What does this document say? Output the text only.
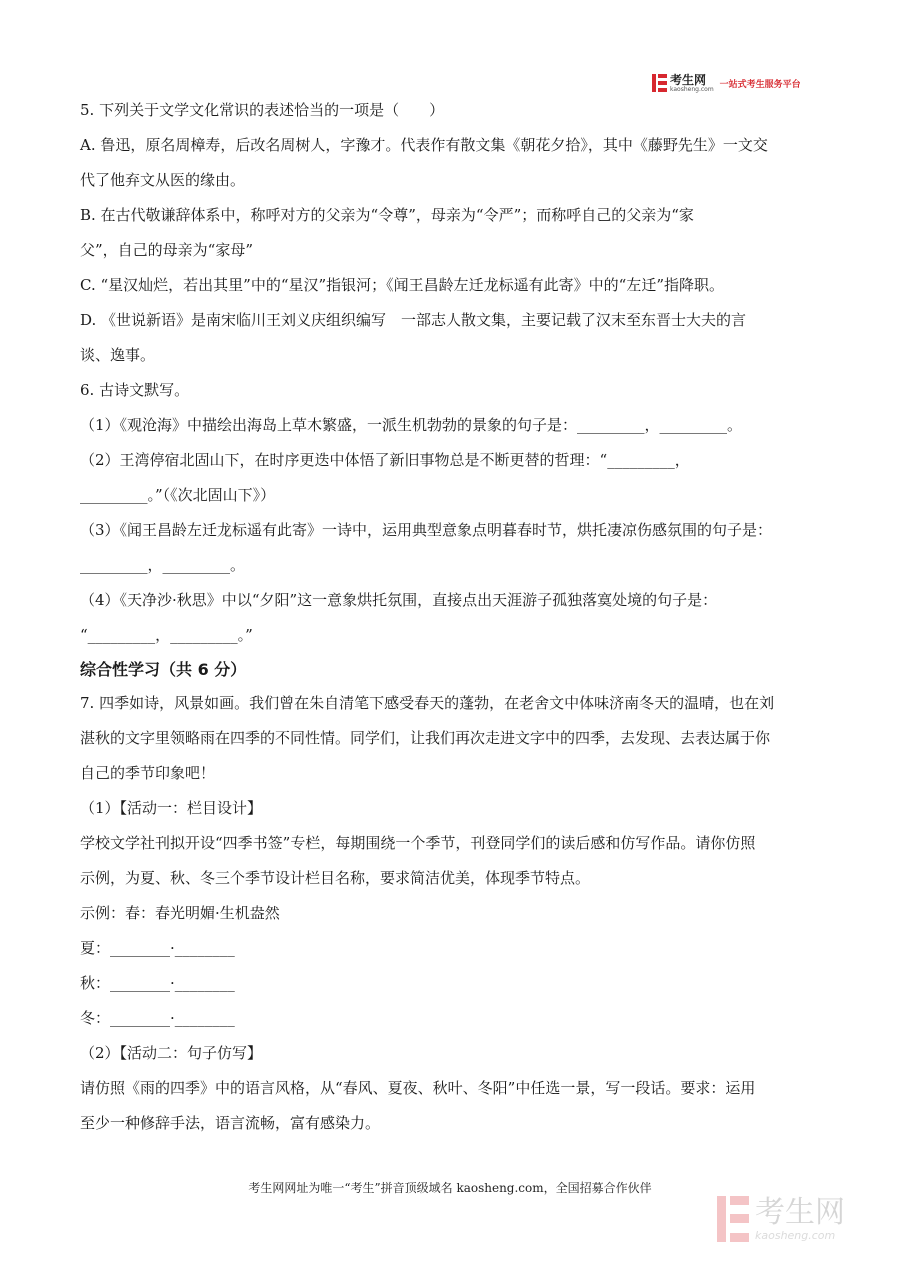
考生网
kaosheng.com 一站式考生服务平台
5. 下列关于文学文化常识的表述恰当的一项是（　　）
A. 鲁迅，原名周樟寿，后改名周树人，字豫才。代表作有散文集《朝花夕拾》，其中《藤野先生》一文交
代了他弃文从医的缘由。
B. 在古代敬谦辞体系中，称呼对方的父亲为“令尊”，母亲为“令严”；而称呼自己的父亲为“家
父”，自己的母亲为“家母”
C. “星汉灿烂，若出其里”中的“星汉”指银河；《闻王昌龄左迁龙标遥有此寄》中的“左迁”指降职。
D. 《世说新语》是南宋临川王刘义庆组织编写　一部志人散文集，主要记载了汉末至东晋士大夫的言
谈、逸事。
6. 古诗文默写。
（1）《观沧海》中描绘出海岛上草木繁盛，一派生机勃勃的景象的句子是：_________，_________。
（2）王湾停宿北固山下，在时序更迭中体悟了新旧事物总是不断更替的哲理：“_________，
_________。”（《次北固山下》）
（3）《闻王昌龄左迁龙标遥有此寄》一诗中，运用典型意象点明暮春时节，烘托凄凉伤感氛围的句子是：
_________，_________。
（4）《天净沙·秋思》中以“夕阳”这一意象烘托氛围，直接点出天涯游子孤独落寞处境的句子是：
“_________，_________。”
综合性学习（共 6 分）
7. 四季如诗，风景如画。我们曾在朱自清笔下感受春天的蓬勃，在老舍文中体味济南冬天的温晴，也在刘
湛秋的文字里领略雨在四季的不同性情。同学们，让我们再次走进文字中的四季，去发现、去表达属于你
自己的季节印象吧！
（1）【活动一：栏目设计】
学校文学社刊拟开设“四季书签”专栏，每期围绕一个季节，刊登同学们的读后感和仿写作品。请你仿照
示例，为夏、秋、冬三个季节设计栏目名称，要求简洁优美，体现季节特点。
示例：春：春光明媚·生机盎然
夏：________·________
秋：________·________
冬：________·________
（2）【活动二：句子仿写】
请仿照《雨的四季》中的语言风格，从“春风、夏夜、秋叶、冬阳”中任选一景，写一段话。要求：运用
至少一种修辞手法，语言流畅，富有感染力。
考生网网址为唯一“考生”拼音顶级域名 kaosheng.com，全国招募合作伙伴
考生网
kaosheng.com
